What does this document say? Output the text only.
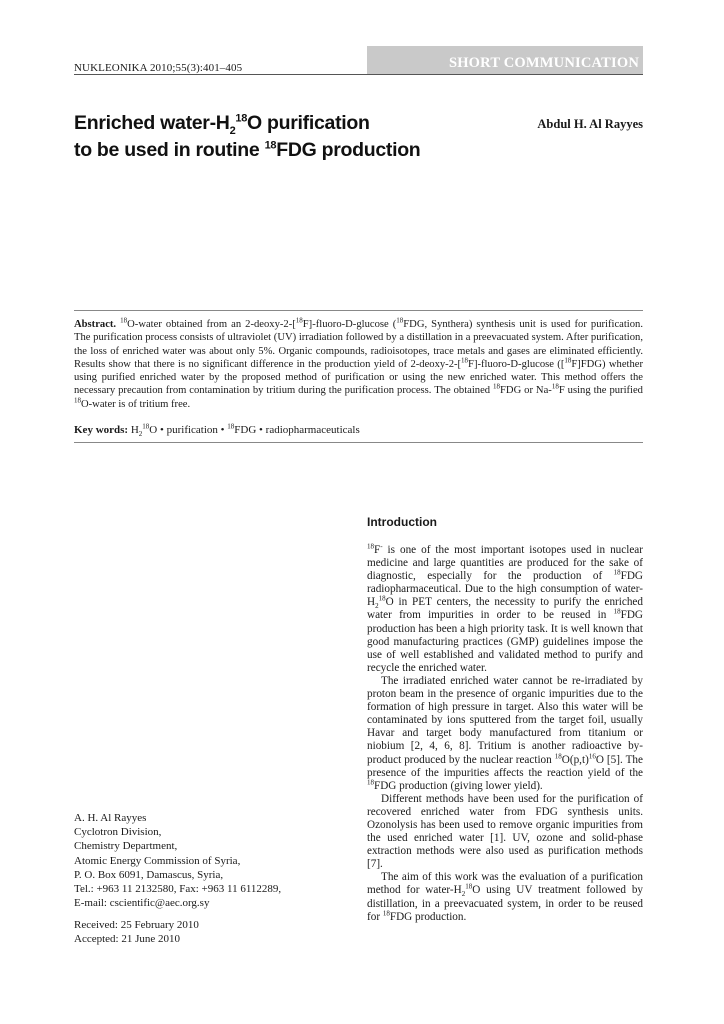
NUKLEONIKA 2010;55(3):401–405	SHORT COMMUNICATION
Enriched water-$H_2^{18}O$ purification
to be used in routine $^{18}$FDG production
Abdul H. Al Rayyes
Abstract. $^{18}$O-water obtained from an 2-deoxy-2-[$^{18}$F]-fluoro-D-glucose ($^{18}$FDG, Synthera) synthesis unit is used for purification. The purification process consists of ultraviolet (UV) irradiation followed by a distillation in a preevacuated system. After purification, the loss of enriched water was about only 5%. Organic compounds, radioisotopes, trace metals and gases are eliminated efficiently. Results show that there is no significant difference in the production yield of 2-deoxy-2-[$^{18}$F]-fluoro-D-glucose ([$^{18}$F]FDG) whether using purified enriched water by the proposed method of purification or using the new enriched water. This method offers the necessary precaution from contamination by tritium during the purification process. The obtained $^{18}$FDG or Na-$^{18}$F using the purified $^{18}$O-water is of tritium free.
Key words: $H_2^{18}O$ • purification • $^{18}$FDG • radiopharmaceuticals
Introduction

$^{18}$F- is one of the most important isotopes used in nuclear medicine and large quantities are produced for the sake of diagnostic, especially for the production of $^{18}$FDG radiopharmaceutical. Due to the high consumption of water-$H_2^{18}O$ in PET centers, the necessity to purify the enriched water from impurities in order to be reused in $^{18}$FDG production has been a high priority task. It is well known that good manufacturing practices (GMP) guidelines impose the use of well established and validated method to purify and recycle the enriched water.

The irradiated enriched water cannot be re-irradiated by proton beam in the presence of organic impurities due to the formation of high pressure in target. Also this water will be contaminated by ions sputtered from the target foil, usually Havar and target body manufactured from titanium or niobium [2, 4, 6, 8]. Tritium is another radioactive by-product produced by the nuclear reaction $^{18}O(p,t)^{16}O$ [5]. The presence of the impurities affects the reaction yield of the $^{18}$FDG production (giving lower yield).

Different methods have been used for the purification of recovered enriched water from FDG synthesis units. Ozonolysis has been used to remove organic impurities from the used enriched water [1]. UV, ozone and solid-phase extraction methods were also used as purification methods [7].

The aim of this work was the evaluation of a purification method for water-$H_2^{18}O$ using UV treatment followed by distillation, in a preevacuated system, in order to be reused for $^{18}$FDG production.

A. H. Al Rayyes
Cyclotron Division,
Chemistry Department,
Atomic Energy Commission of Syria,
P. O. Box 6091, Damascus, Syria,
Tel.: +963 11 2132580, Fax: +963 11 6112289,
E-mail: cscientific@aec.org.sy
Received: 25 February 2010
Accepted: 21 June 2010
